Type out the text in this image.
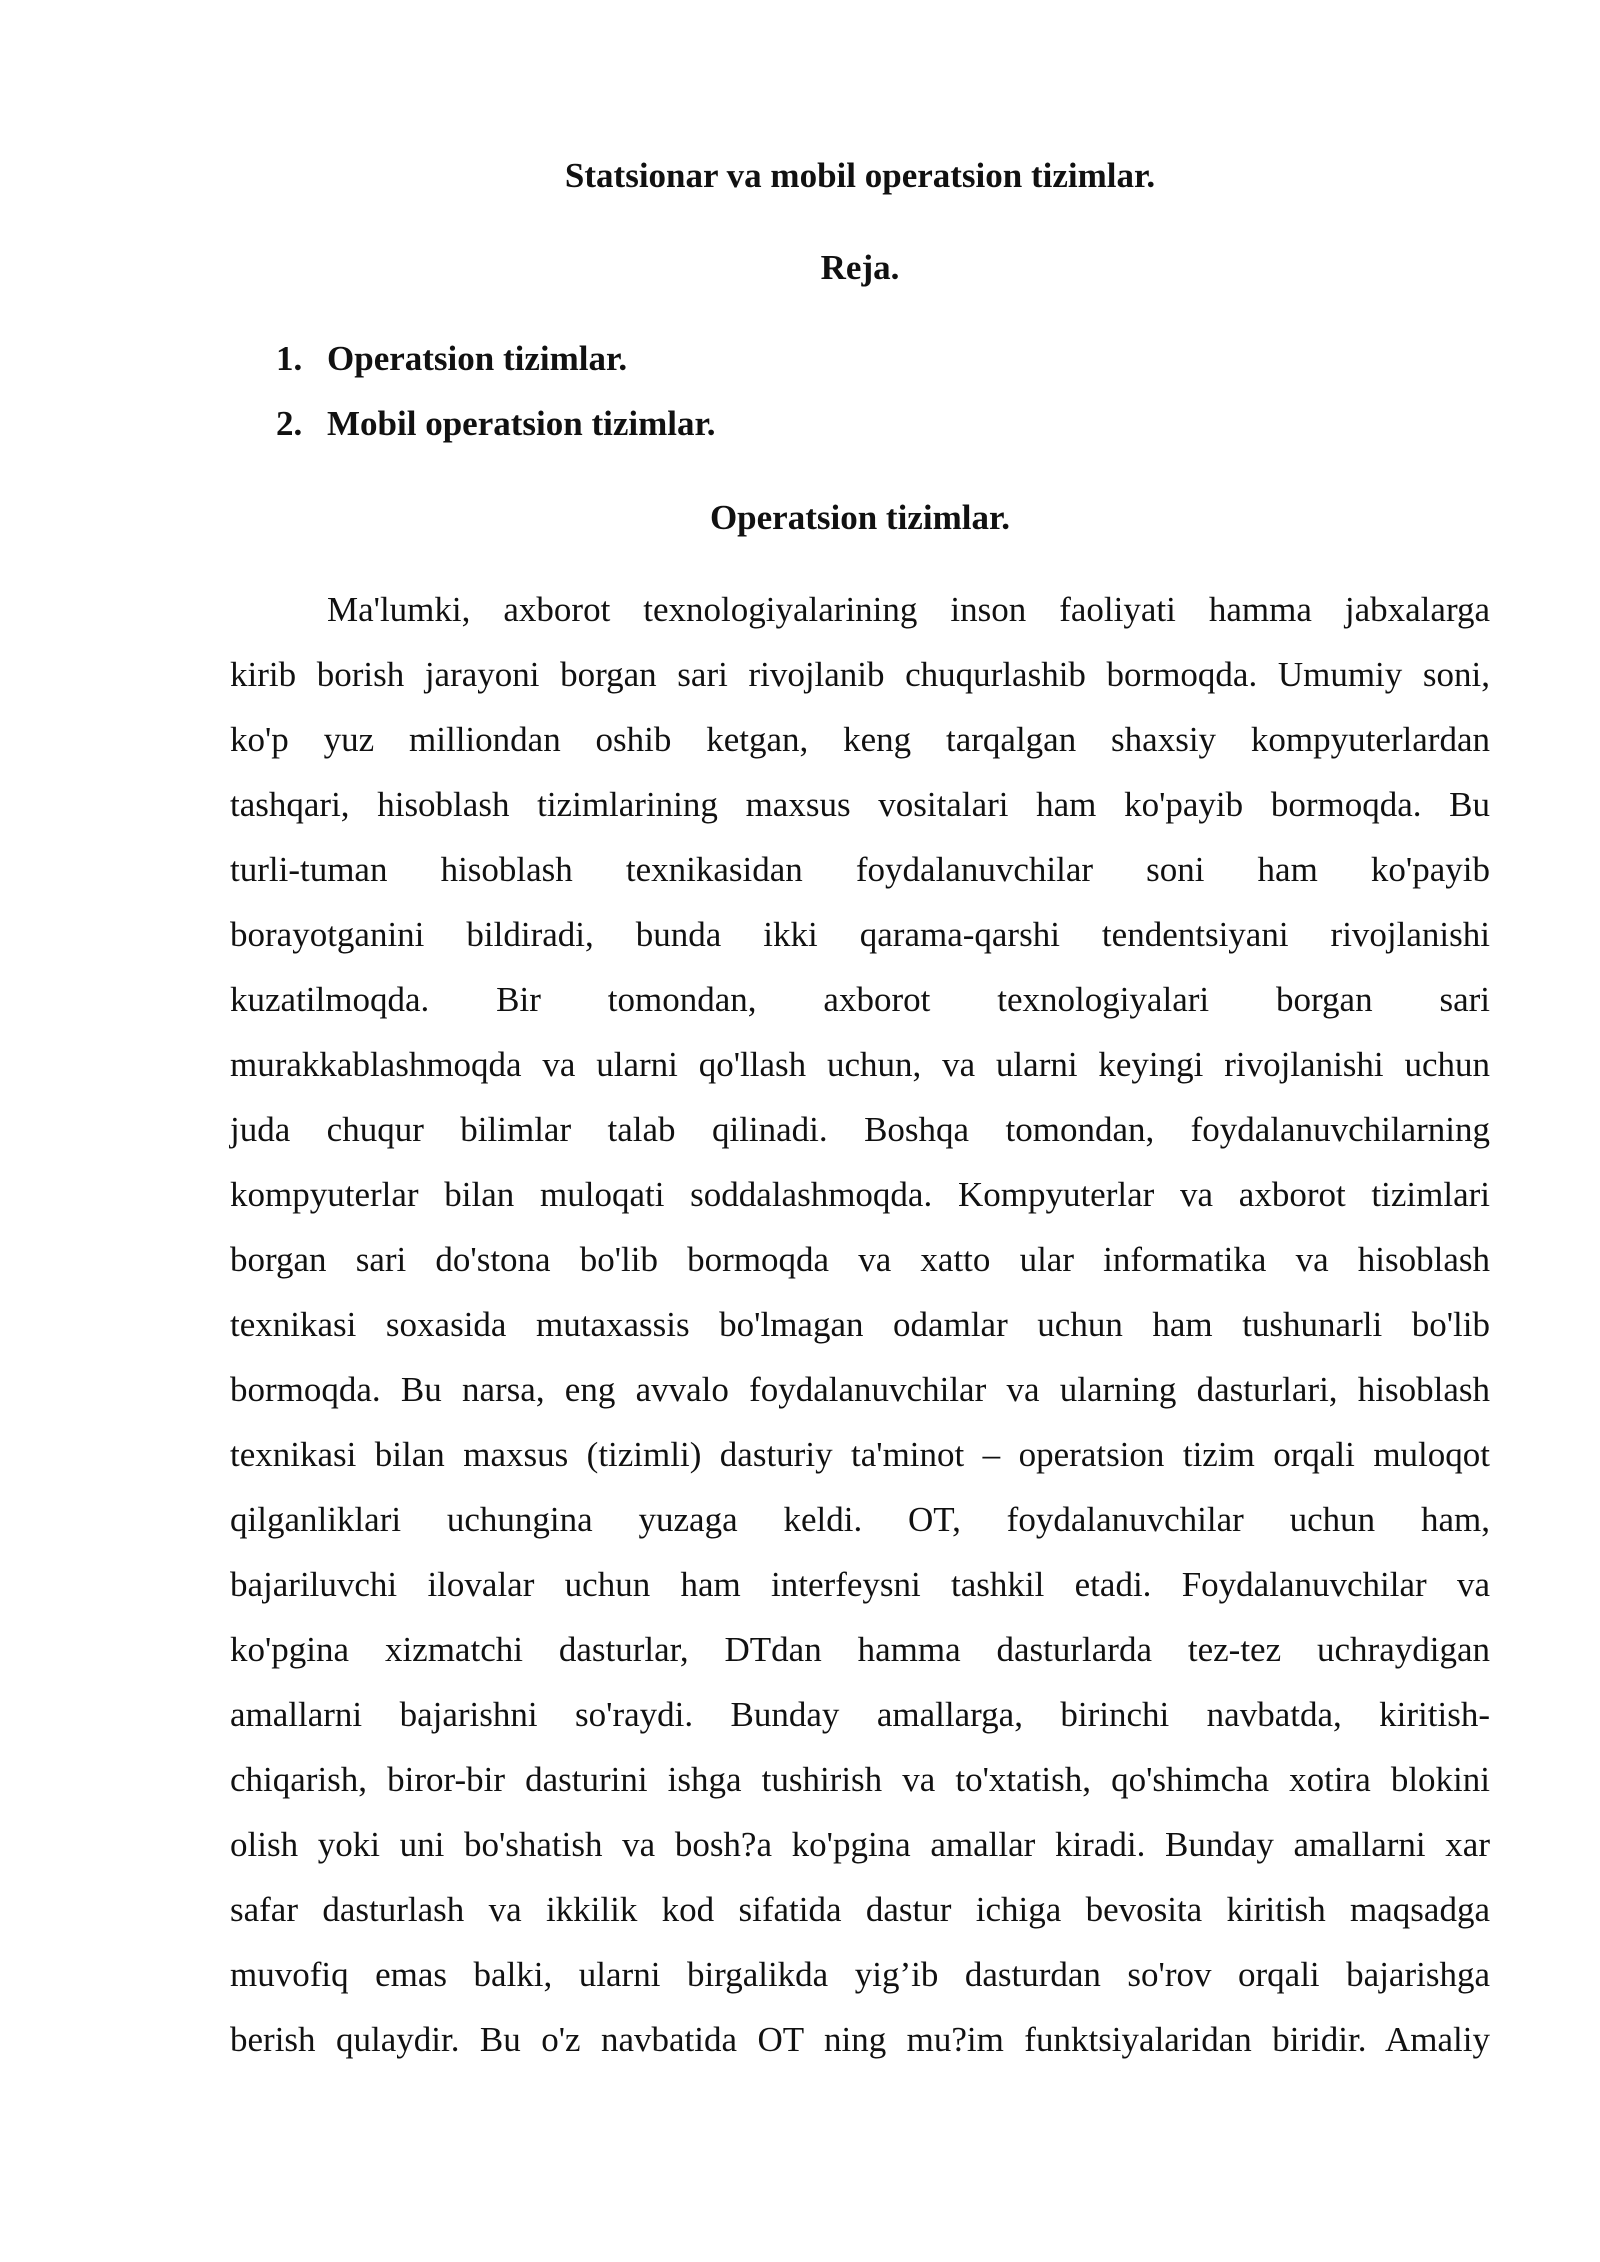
Statsionar va mobil operatsion tizimlar.
Reja.
1. Operatsion tizimlar.
2. Mobil operatsion tizimlar.
Operatsion tizimlar.
Ma'lumki, axborot texnologiyalarining inson faoliyati hamma jabxalarga
kirib borish jarayoni borgan sari rivojlanib chuqurlashib bormoqda. Umumiy soni,
ko'p yuz milliondan oshib ketgan, keng tarqalgan shaxsiy kompyuterlardan
tashqari, hisoblash tizimlarining maxsus vositalari ham ko'payib bormoqda. Bu
turli-tuman hisoblash texnikasidan foydalanuvchilar soni ham ko'payib
borayotganini bildiradi, bunda ikki qarama-qarshi tendentsiyani rivojlanishi
kuzatilmoqda. Bir tomondan, axborot texnologiyalari borgan sari
murakkablashmoqda va ularni qo'llash uchun, va ularni keyingi rivojlanishi uchun
juda chuqur bilimlar talab qilinadi. Boshqa tomondan, foydalanuvchilarning
kompyuterlar bilan muloqati soddalashmoqda. Kompyuterlar va axborot tizimlari
borgan sari do'stona bo'lib bormoqda va xatto ular informatika va hisoblash
texnikasi soxasida mutaxassis bo'lmagan odamlar uchun ham tushunarli bo'lib
bormoqda. Bu narsa, eng avvalo foydalanuvchilar va ularning dasturlari, hisoblash
texnikasi bilan maxsus (tizimli) dasturiy ta'minot – operatsion tizim orqali muloqot
qilganliklari uchungina yuzaga keldi. OT, foydalanuvchilar uchun ham,
bajariluvchi ilovalar uchun ham interfeysni tashkil etadi. Foydalanuvchilar va
ko'pgina xizmatchi dasturlar, DTdan hamma dasturlarda tez-tez uchraydigan
amallarni bajarishni so'raydi. Bunday amallarga, birinchi navbatda, kiritish-
chiqarish, biror-bir dasturini ishga tushirish va to'xtatish, qo'shimcha xotira blokini
olish yoki uni bo'shatish va bosh?a ko'pgina amallar kiradi. Bunday amallarni xar
safar dasturlash va ikkilik kod sifatida dastur ichiga bevosita kiritish maqsadga
muvofiq emas balki, ularni birgalikda yig’ib dasturdan so'rov orqali bajarishga
berish qulaydir. Bu o'z navbatida OT ning mu?im funktsiyalaridan biridir. Amaliy
